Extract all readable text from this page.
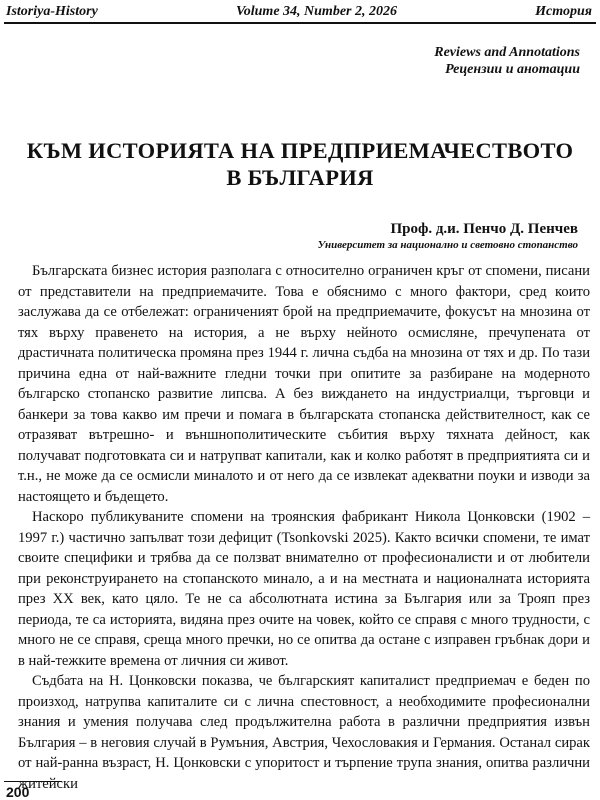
Istoriya-History	Volume 34, Number 2, 2026	История
Reviews and Annotations
Рецензии и анотации
КЪМ ИСТОРИЯТА НА ПРЕДПРИЕМАЧЕСТВОТО
В БЪЛГАРИЯ
Проф. д.и. Пенчо Д. Пенчев
Университет за национално и световно стопанство

Българската бизнес история разполага с относително ограничен кръг от спомени, писани от представители на предприемачите. Това е обяснимо с много фактори, сред които заслужава да се отбележат: ограниченият брой на предприемачите, фокусът на мнозина от тях върху правенето на история, а не върху нейното осмисляне, пречупената от драстичната политическа промяна през 1944 г. лична съдба на мнозина от тях и др. По тази причина една от най-важните гледни точки при опитите за разбиране на модерното българско стопанско развитие липсва. А без виждането на индустриалци, търговци и банкери за това какво им пречи и помага в българската стопанска действителност, как се отразяват вътрешно- и външнополитическите събития върху тяхната дейност, как получават подготовката си и натрупват капитали, как и колко работят в предприятията си и т.н., не може да се осмисли миналото и от него да се извлекат адекватни поуки и изводи за настоящето и бъдещето.

Наскоро публикуваните спомени на троянския фабрикант Никола Цонковски (1902 – 1997 г.) частично запълват този дефицит (Tsonkovski 2025). Както всички спомени, те имат своите специфики и трябва да се ползват внимателно от професионалисти и от любители при реконструирането на стопанското минало, а и на местната и националната историята през XX век, като цяло. Те не са абсолютната истина за България или за Трояп през периода, те са историята, видяна през очите на човек, който се справя с много трудности, с много не се справя, среща много пречки, но се опитва да остане с изправен гръбнак дори и в най-тежките времена от личния си живот.

Съдбата на Н. Цонковски показва, че българският капиталист предприемач е беден по произход, натрупва капиталите си с лична спестовност, а необходимите професионални знания и умения получава след продължителна работа в различни предприятия извън България – в неговия случай в Румъния, Австрия, Чехословакия и Германия. Останал сирак от най-ранна възраст, Н. Цонковски с упоритост и търпение трупа знания, опитва различни житейски

200
